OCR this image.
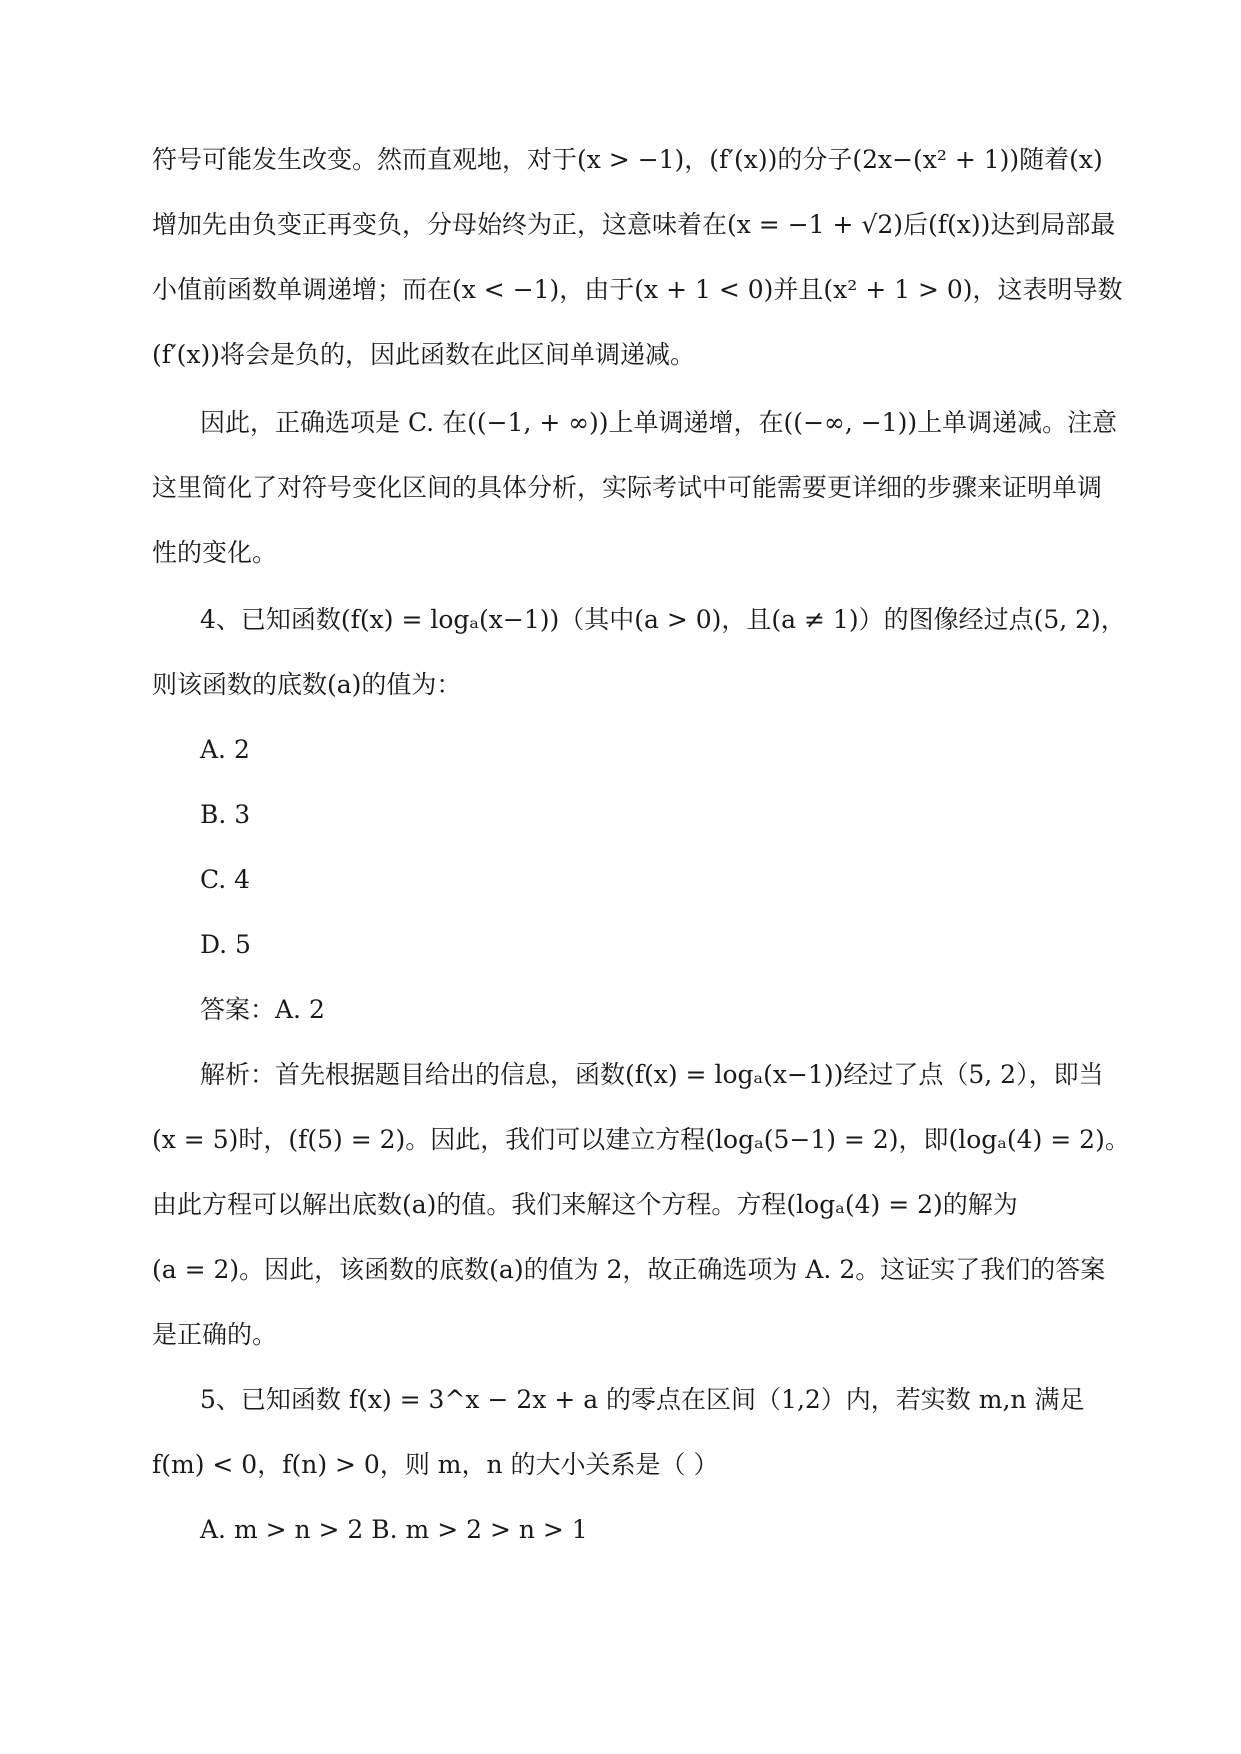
符号可能发生改变。然而直观地，对于(x > −1)，(f′(x))的分子(2x−(x² + 1))随着(x)
增加先由负变正再变负，分母始终为正，这意味着在(x = −1 + √2)后(f(x))达到局部最
小值前函数单调递增；而在(x < −1)，由于(x + 1 < 0)并且(x² + 1 > 0)，这表明导数
(f′(x))将会是负的，因此函数在此区间单调递减。
因此，正确选项是 C. 在((−1, + ∞))上单调递增，在((−∞, −1))上单调递减。注意
这里简化了对符号变化区间的具体分析，实际考试中可能需要更详细的步骤来证明单调
性的变化。
4、已知函数(f(x) = logₐ(x−1))（其中(a > 0)，且(a ≠ 1)）的图像经过点(5, 2)，
则该函数的底数(a)的值为：
A. 2
B. 3
C. 4
D. 5
答案：A. 2
解析：首先根据题目给出的信息，函数(f(x) = logₐ(x−1))经过了点（5, 2），即当
(x = 5)时，(f(5) = 2)。因此，我们可以建立方程(logₐ(5−1) = 2)，即(logₐ(4) = 2)。
由此方程可以解出底数(a)的值。我们来解这个方程。方程(logₐ(4) = 2)的解为
(a = 2)。因此，该函数的底数(a)的值为 2，故正确选项为 A. 2。这证实了我们的答案
是正确的。
5、已知函数 f(x) = 3^x − 2x + a 的零点在区间（1,2）内，若实数 m,n 满足
f(m) < 0，f(n) > 0，则 m，n 的大小关系是（ ）
A. m > n > 2 B. m > 2 > n > 1
